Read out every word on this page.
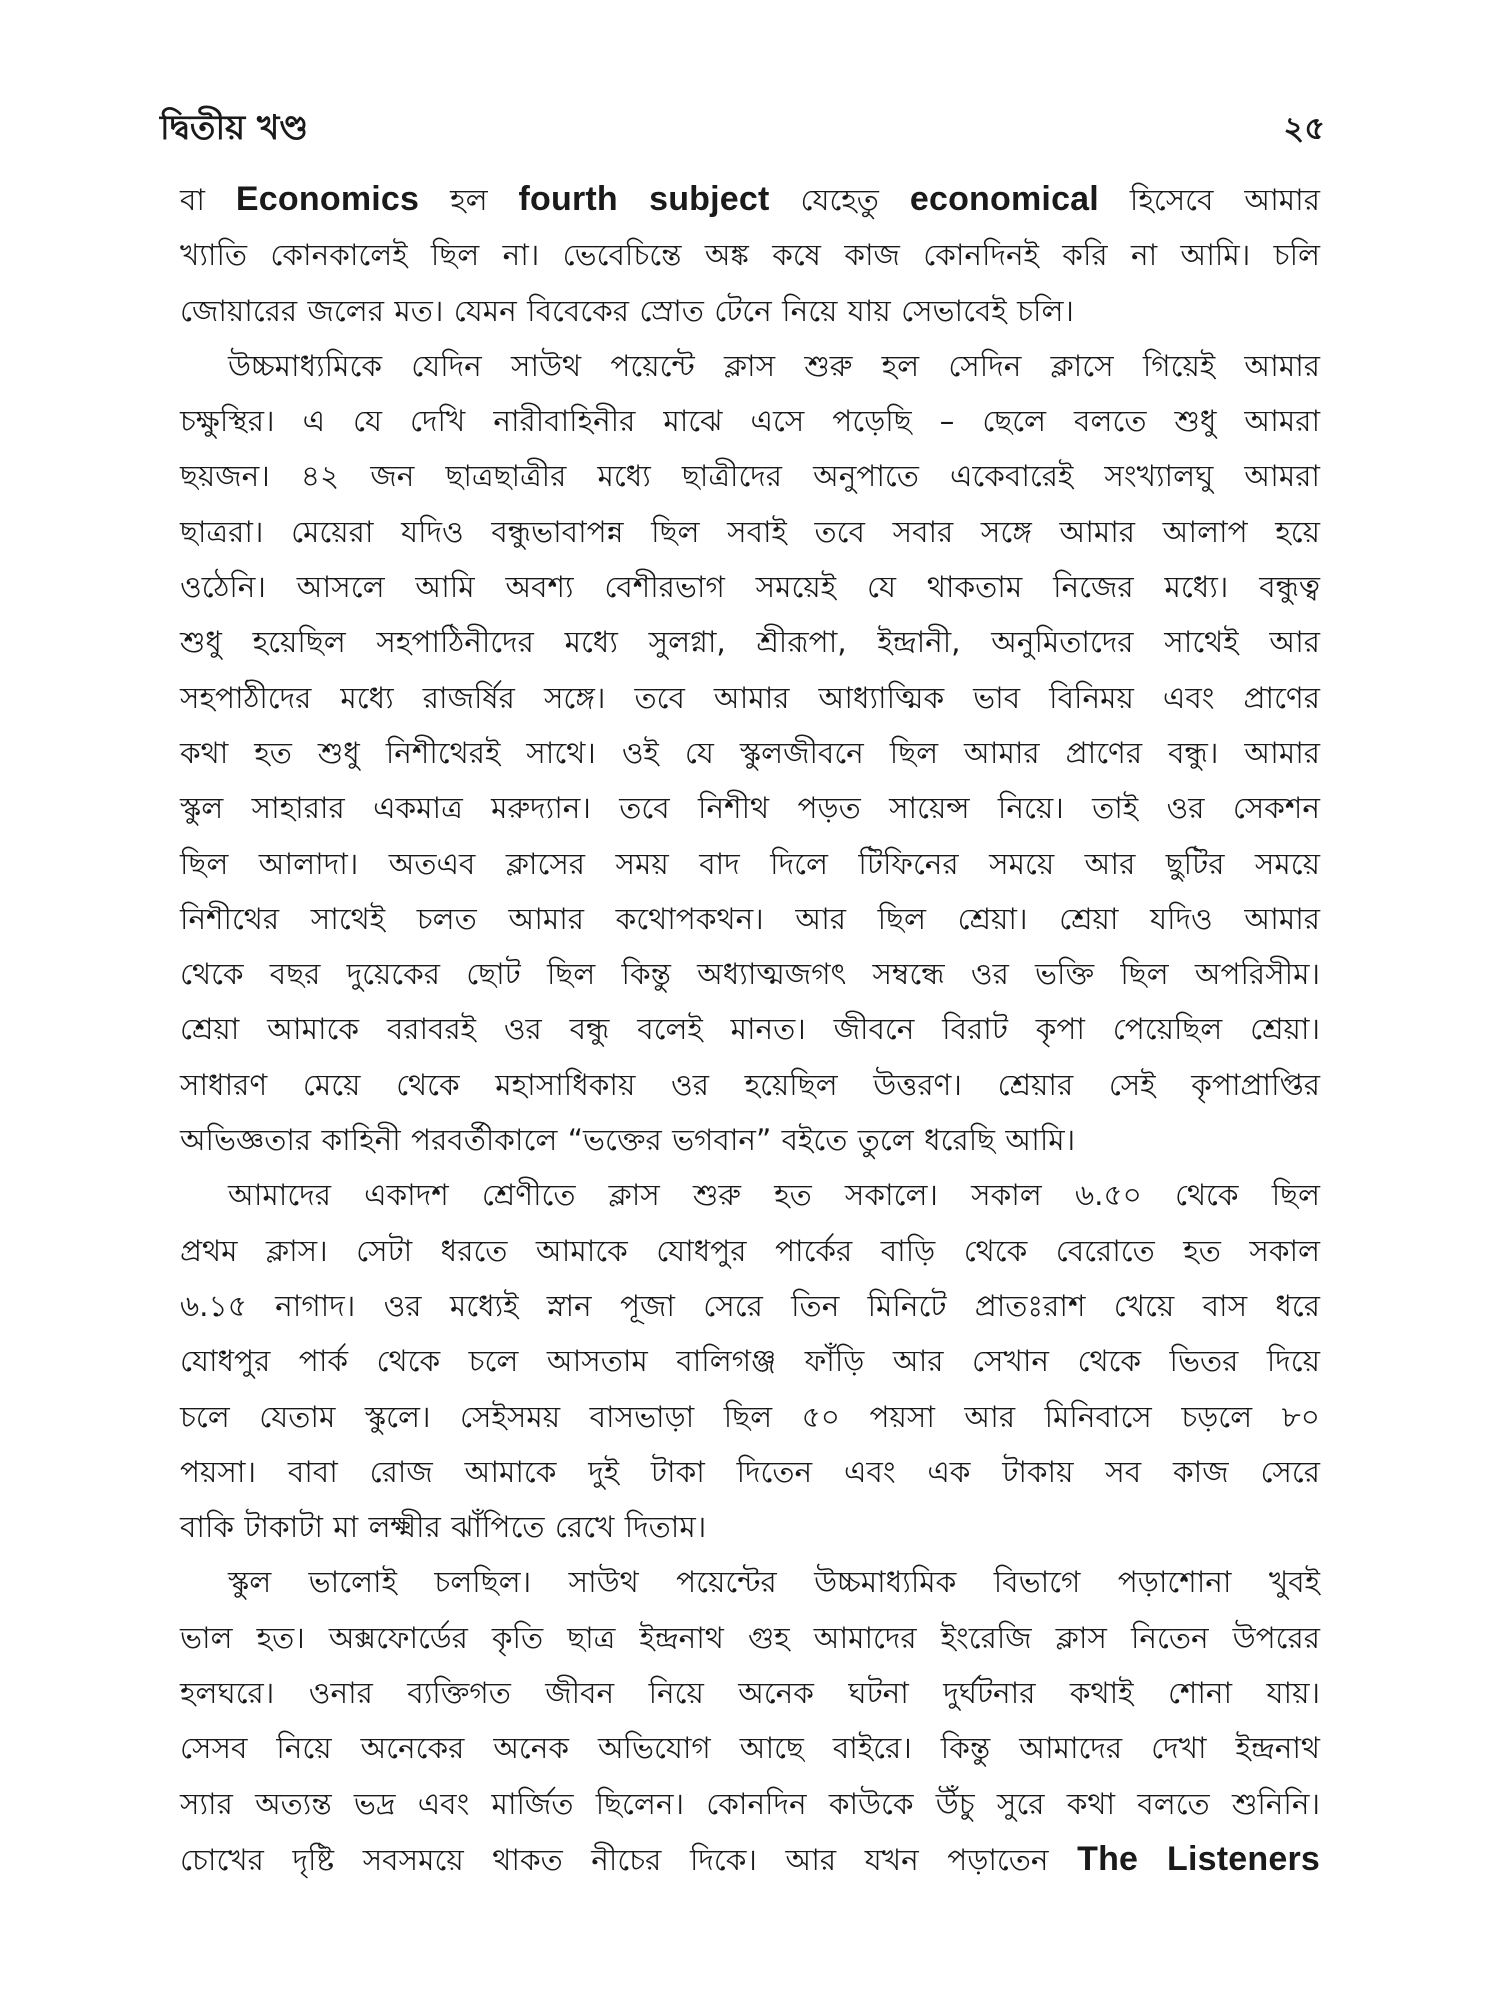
দ্বিতীয় খণ্ড	২৫

বা Economics হল fourth subject যেহেতু economical হিসেবে আমার
খ্যাতি কোনকালেই ছিল না। ভেবেচিন্তে অঙ্ক কষে কাজ কোনদিনই করি না আমি। চলি
জোয়ারের জলের মত। যেমন বিবেকের স্রোত টেনে নিয়ে যায় সেভাবেই চলি।

উচ্চমাধ্যমিকে যেদিন সাউথ পয়েন্টে ক্লাস শুরু হল সেদিন ক্লাসে গিয়েই আমার
চক্ষুস্থির। এ যে দেখি নারীবাহিনীর মাঝে এসে পড়েছি – ছেলে বলতে শুধু আমরা
ছয়জন। ৪২ জন ছাত্রছাত্রীর মধ্যে ছাত্রীদের অনুপাতে একেবারেই সংখ্যালঘু আমরা
ছাত্ররা। মেয়েরা যদিও বন্ধুভাবাপন্ন ছিল সবাই তবে সবার সঙ্গে আমার আলাপ হয়ে
ওঠেনি। আসলে আমি অবশ্য বেশীরভাগ সময়েই যে থাকতাম নিজের মধ্যে। বন্ধুত্ব
শুধু হয়েছিল সহপাঠিনীদের মধ্যে সুলগ্না, শ্রীরূপা, ইন্দ্রানী, অনুমিতাদের সাথেই আর
সহপাঠীদের মধ্যে রাজর্ষির সঙ্গে। তবে আমার আধ্যাত্মিক ভাব বিনিময় এবং প্রাণের
কথা হত শুধু নিশীথেরই সাথে। ওই যে স্কুলজীবনে ছিল আমার প্রাণের বন্ধু। আমার
স্কুল সাহারার একমাত্র মরুদ্যান। তবে নিশীথ পড়ত সায়েন্স নিয়ে। তাই ওর সেকশন
ছিল আলাদা। অতএব ক্লাসের সময় বাদ দিলে টিফিনের সময়ে আর ছুটির সময়ে
নিশীথের সাথেই চলত আমার কথোপকথন। আর ছিল শ্রেয়া। শ্রেয়া যদিও আমার
থেকে বছর দুয়েকের ছোট ছিল কিন্তু অধ্যাত্মজগৎ সম্বন্ধে ওর ভক্তি ছিল অপরিসীম।
শ্রেয়া আমাকে বরাবরই ওর বন্ধু বলেই মানত। জীবনে বিরাট কৃপা পেয়েছিল শ্রেয়া।
সাধারণ মেয়ে থেকে মহাসাধিকায় ওর হয়েছিল উত্তরণ। শ্রেয়ার সেই কৃপাপ্রাপ্তির
অভিজ্ঞতার কাহিনী পরবর্তীকালে “ভক্তের ভগবান” বইতে তুলে ধরেছি আমি।

আমাদের একাদশ শ্রেণীতে ক্লাস শুরু হত সকালে। সকাল ৬.৫০ থেকে ছিল
প্রথম ক্লাস। সেটা ধরতে আমাকে যোধপুর পার্কের বাড়ি থেকে বেরোতে হত সকাল
৬.১৫ নাগাদ। ওর মধ্যেই স্নান পূজা সেরে তিন মিনিটে প্রাতঃরাশ খেয়ে বাস ধরে
যোধপুর পার্ক থেকে চলে আসতাম বালিগঞ্জ ফাঁড়ি আর সেখান থেকে ভিতর দিয়ে
চলে যেতাম স্কুলে। সেইসময় বাসভাড়া ছিল ৫০ পয়সা আর মিনিবাসে চড়লে ৮০
পয়সা। বাবা রোজ আমাকে দুই টাকা দিতেন এবং এক টাকায় সব কাজ সেরে
বাকি টাকাটা মা লক্ষ্মীর ঝাঁপিতে রেখে দিতাম।

স্কুল ভালোই চলছিল। সাউথ পয়েন্টের উচ্চমাধ্যমিক বিভাগে পড়াশোনা খুবই
ভাল হত। অক্সফোর্ডের কৃতি ছাত্র ইন্দ্রনাথ গুহ আমাদের ইংরেজি ক্লাস নিতেন উপরের
হলঘরে। ওনার ব্যক্তিগত জীবন নিয়ে অনেক ঘটনা দুর্ঘটনার কথাই শোনা যায়।
সেসব নিয়ে অনেকের অনেক অভিযোগ আছে বাইরে। কিন্তু আমাদের দেখা ইন্দ্রনাথ
স্যার অত্যন্ত ভদ্র এবং মার্জিত ছিলেন। কোনদিন কাউকে উঁচু সুরে কথা বলতে শুনিনি।
চোখের দৃষ্টি সবসময়ে থাকত নীচের দিকে। আর যখন পড়াতেন The Listeners
